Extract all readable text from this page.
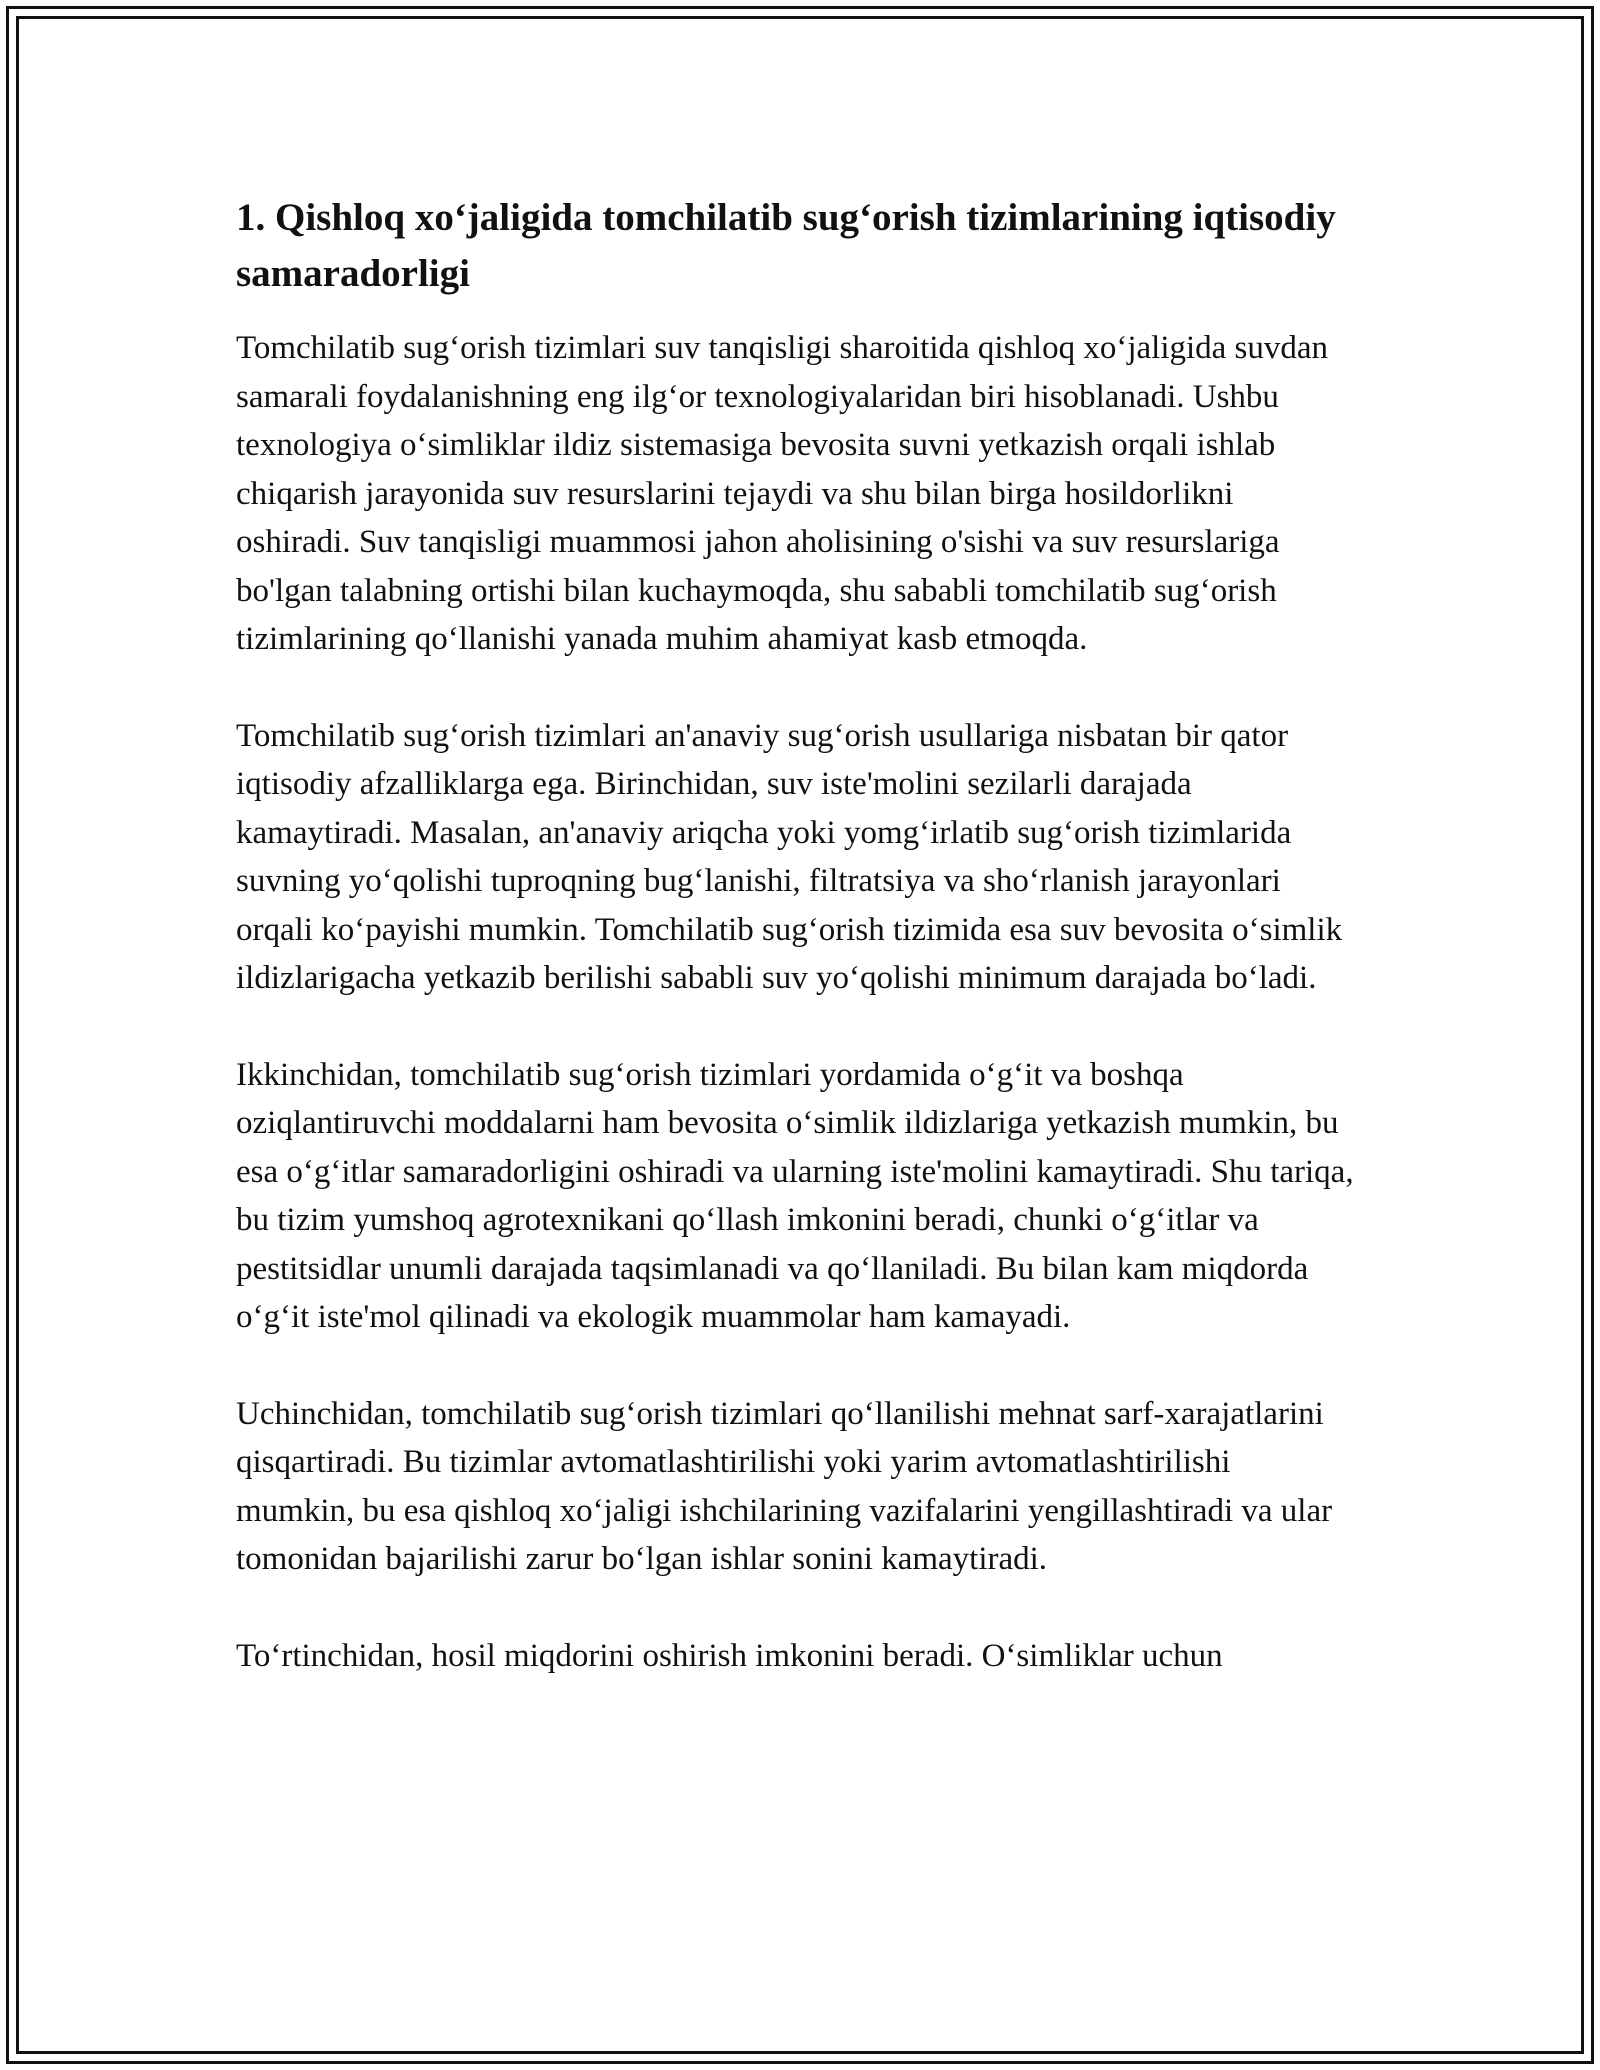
1. Qishloq xo‘jaligida tomchilatib sug‘orish tizimlarining iqtisodiy samaradorligi

Tomchilatib sug‘orish tizimlari suv tanqisligi sharoitida qishloq xo‘jaligida suvdan samarali foydalanishning eng ilg‘or texnologiyalaridan biri hisoblanadi. Ushbu texnologiya o‘simliklar ildiz sistemasiga bevosita suvni yetkazish orqali ishlab chiqarish jarayonida suv resurslarini tejaydi va shu bilan birga hosildorlikni oshiradi. Suv tanqisligi muammosi jahon aholisining o'sishi va suv resurslariga bo'lgan talabning ortishi bilan kuchaymoqda, shu sababli tomchilatib sug‘orish tizimlarining qo‘llanishi yanada muhim ahamiyat kasb etmoqda.

Tomchilatib sug‘orish tizimlari an'anaviy sug‘orish usullariga nisbatan bir qator iqtisodiy afzalliklarga ega. Birinchidan, suv iste'molini sezilarli darajada kamaytiradi. Masalan, an'anaviy ariqcha yoki yomg‘irlatib sug‘orish tizimlarida suvning yo‘qolishi tuproqning bug‘lanishi, filtratsiya va sho‘rlanish jarayonlari orqali ko‘payishi mumkin. Tomchilatib sug‘orish tizimida esa suv bevosita o‘simlik ildizlarigacha yetkazib berilishi sababli suv yo‘qolishi minimum darajada bo‘ladi.

Ikkinchidan, tomchilatib sug‘orish tizimlari yordamida o‘g‘it va boshqa oziqlantiruvchi moddalarni ham bevosita o‘simlik ildizlariga yetkazish mumkin, bu esa o‘g‘itlar samaradorligini oshiradi va ularning iste'molini kamaytiradi. Shu tariqa, bu tizim yumshoq agrotexnikani qo‘llash imkonini beradi, chunki o‘g‘itlar va pestitsidlar unumli darajada taqsimlanadi va qo‘llaniladi. Bu bilan kam miqdorda o‘g‘it iste'mol qilinadi va ekologik muammolar ham kamayadi.

Uchinchidan, tomchilatib sug‘orish tizimlari qo‘llanilishi mehnat sarf-xarajatlarini qisqartiradi. Bu tizimlar avtomatlashtirilishi yoki yarim avtomatlashtirilishi mumkin, bu esa qishloq xo‘jaligi ishchilarining vazifalarini yengillashtiradi va ular tomonidan bajarilishi zarur bo‘lgan ishlar sonini kamaytiradi.

To‘rtinchidan, hosil miqdorini oshirish imkonini beradi. O‘simliklar uchun
